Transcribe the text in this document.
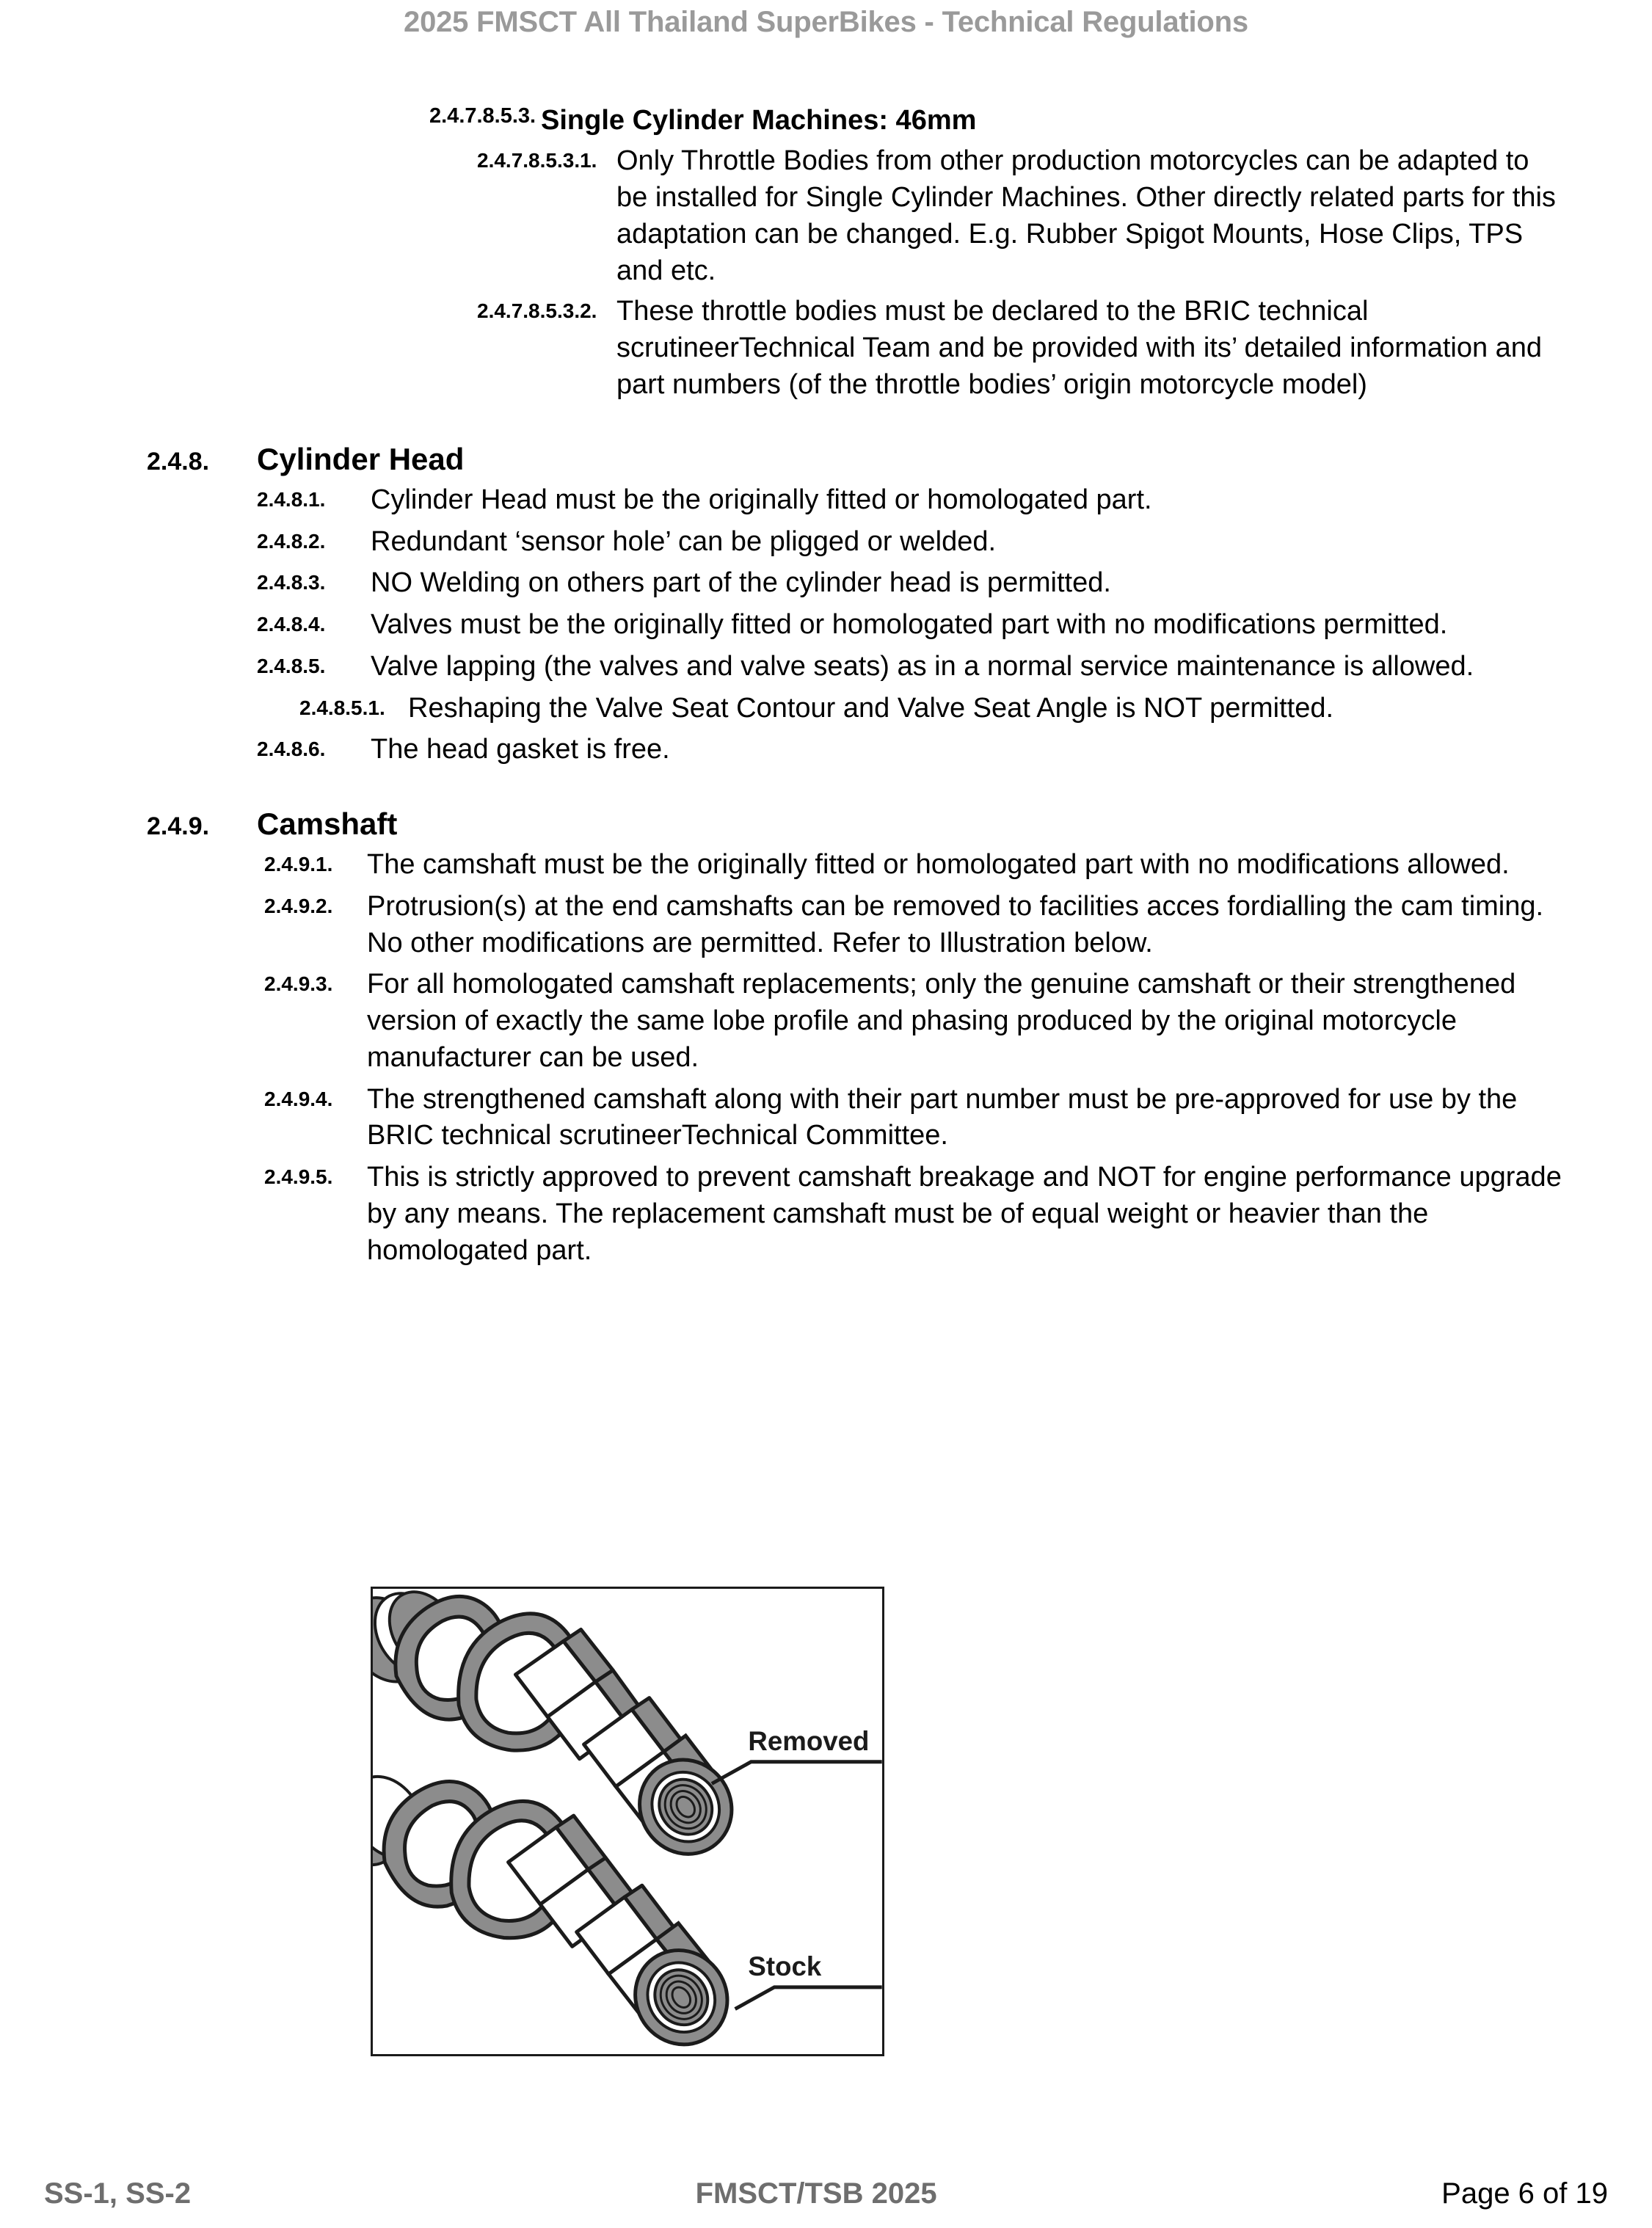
2025 FMSCT All Thailand SuperBikes - Technical Regulations
2.4.7.8.5.3. Single Cylinder Machines: 46mm
2.4.7.8.5.3.1. Only Throttle Bodies from other production motorcycles can be adapted to be installed for Single Cylinder Machines. Other directly related parts for this adaptation can be changed. E.g. Rubber Spigot Mounts, Hose Clips, TPS and etc.
2.4.7.8.5.3.2. These throttle bodies must be declared to the BRIC technical scrutineerTechnical Team and be provided with its’ detailed information and part numbers (of the throttle bodies’ origin motorcycle model)
2.4.8.	Cylinder Head
2.4.8.1.	Cylinder Head must be the originally fitted or homologated part.
2.4.8.2.	Redundant ‘sensor hole’ can be pligged or welded.
2.4.8.3.	NO Welding on others part of the cylinder head is permitted.
2.4.8.4.	Valves must be the originally fitted or homologated part with no modifications permitted.
2.4.8.5.	Valve lapping (the valves and valve seats) as in a normal service maintenance is allowed.
2.4.8.5.1. Reshaping the Valve Seat Contour and Valve Seat Angle is NOT permitted.
2.4.8.6.	The head gasket is free.
2.4.9.	Camshaft
2.4.9.1.	The camshaft must be the originally fitted or homologated part with no modifications allowed.
2.4.9.2.	Protrusion(s) at the end camshafts can be removed to facilities acces fordialling the cam timing. No other modifications are permitted. Refer to Illustration below.
2.4.9.3.	For all homologated camshaft replacements; only the genuine camshaft or their strengthened version of exactly the same lobe profile and phasing produced by the original motorcycle manufacturer can be used.
2.4.9.4.	The strengthened camshaft along with their part number must be pre-approved for use by the BRIC technical scrutineerTechnical Committee.
2.4.9.5.	This is strictly approved to prevent camshaft breakage and NOT for engine performance upgrade by any means. The replacement camshaft must be of equal weight or heavier than the homologated part.
Removed
Stock
SS-1, SS-2	FMSCT/TSB 2025	Page 6 of 19
